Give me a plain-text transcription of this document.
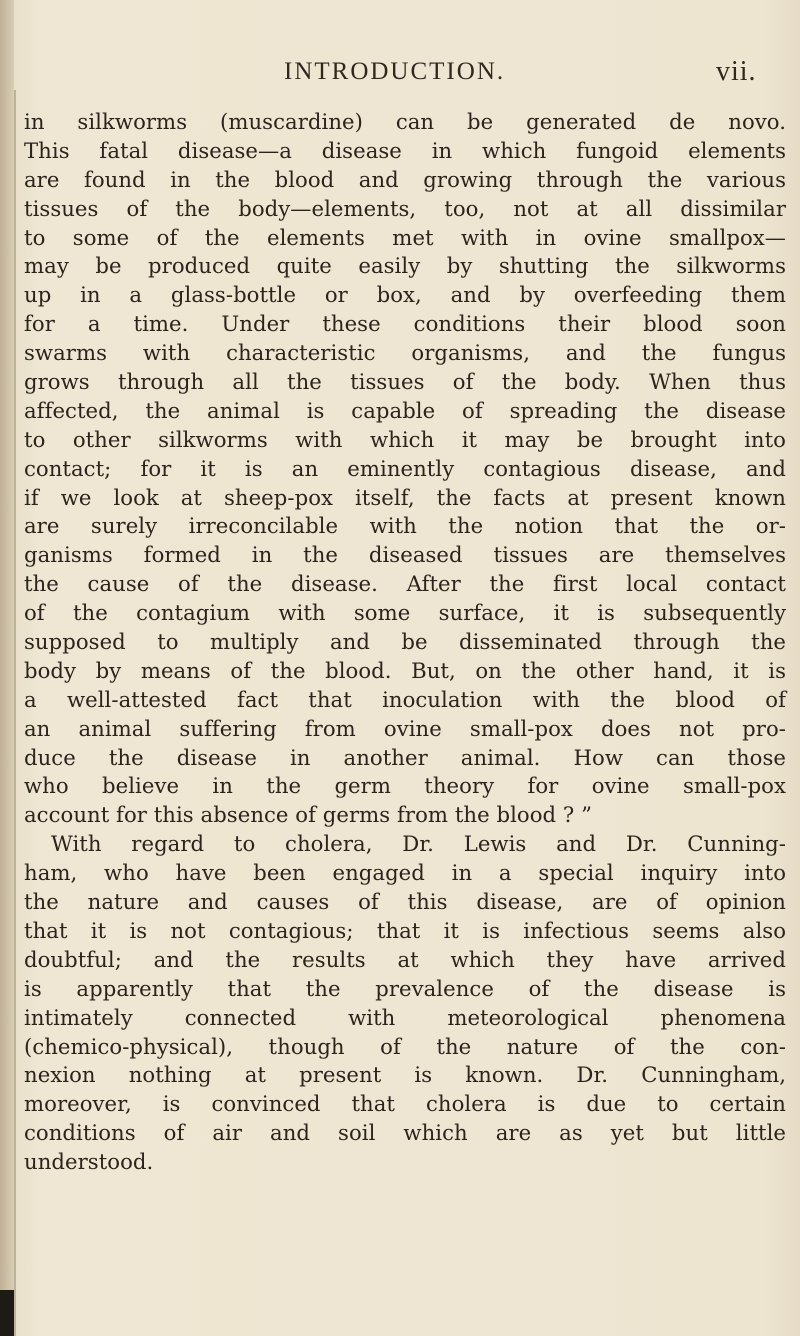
INTRODUCTION.	vii.
in silkworms (muscardine) can be generated de novo.
This fatal disease—a disease in which fungoid elements
are found in the blood and growing through the various
tissues of the body—elements, too, not at all dissimilar
to some of the elements met with in ovine smallpox—
may be produced quite easily by shutting the silkworms
up in a glass-bottle or box, and by overfeeding them
for a time. Under these conditions their blood soon
swarms with characteristic organisms, and the fungus
grows through all the tissues of the body. When thus
affected, the animal is capable of spreading the disease
to other silkworms with which it may be brought into
contact; for it is an eminently contagious disease, and
if we look at sheep-pox itself, the facts at present known
are surely irreconcilable with the notion that the or-
ganisms formed in the diseased tissues are themselves
the cause of the disease. After the first local contact
of the contagium with some surface, it is subsequently
supposed to multiply and be disseminated through the
body by means of the blood. But, on the other hand, it is
a well-attested fact that inoculation with the blood of
an animal suffering from ovine small-pox does not pro-
duce the disease in another animal. How can those
who believe in the germ theory for ovine small-pox
account for this absence of germs from the blood ? ”
With regard to cholera, Dr. Lewis and Dr. Cunning-
ham, who have been engaged in a special inquiry into
the nature and causes of this disease, are of opinion
that it is not contagious; that it is infectious seems also
doubtful; and the results at which they have arrived
is apparently that the prevalence of the disease is
intimately connected with meteorological phenomena
(chemico-physical), though of the nature of the con-
nexion nothing at present is known. Dr. Cunningham,
moreover, is convinced that cholera is due to certain
conditions of air and soil which are as yet but little
understood.
